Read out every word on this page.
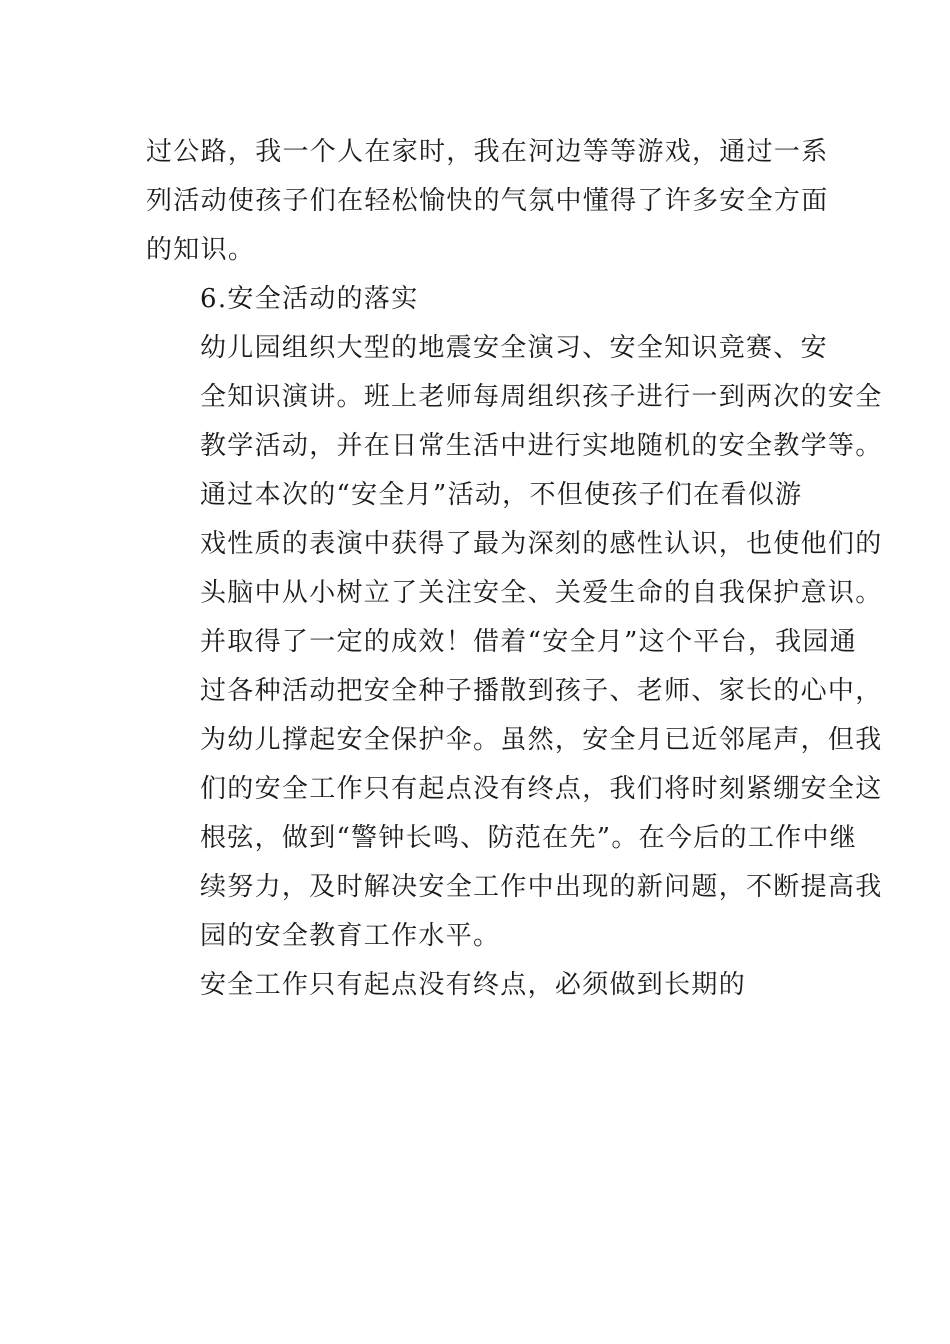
过公路，我一个人在家时，我在河边等等游戏，通过一系
列活动使孩子们在轻松愉快的气氛中懂得了许多安全方面
的知识。

6.安全活动的落实

幼儿园组织大型的地震安全演习、安全知识竞赛、安
全知识演讲。班上老师每周组织孩子进行一到两次的安全
教学活动，并在日常生活中进行实地随机的安全教学等。

通过本次的“安全月”活动，不但使孩子们在看似游
戏性质的表演中获得了最为深刻的感性认识，也使他们的
头脑中从小树立了关注安全、关爱生命的自我保护意识。
并取得了一定的成效！借着“安全月”这个平台，我园通
过各种活动把安全种子播散到孩子、老师、家长的心中，
为幼儿撑起安全保护伞。虽然，安全月已近邻尾声，但我
们的安全工作只有起点没有终点，我们将时刻紧绷安全这
根弦，做到“警钟长鸣、防范在先”。在今后的工作中继
续努力，及时解决安全工作中出现的新问题，不断提高我
园的安全教育工作水平。

安全工作只有起点没有终点，必须做到长期的
